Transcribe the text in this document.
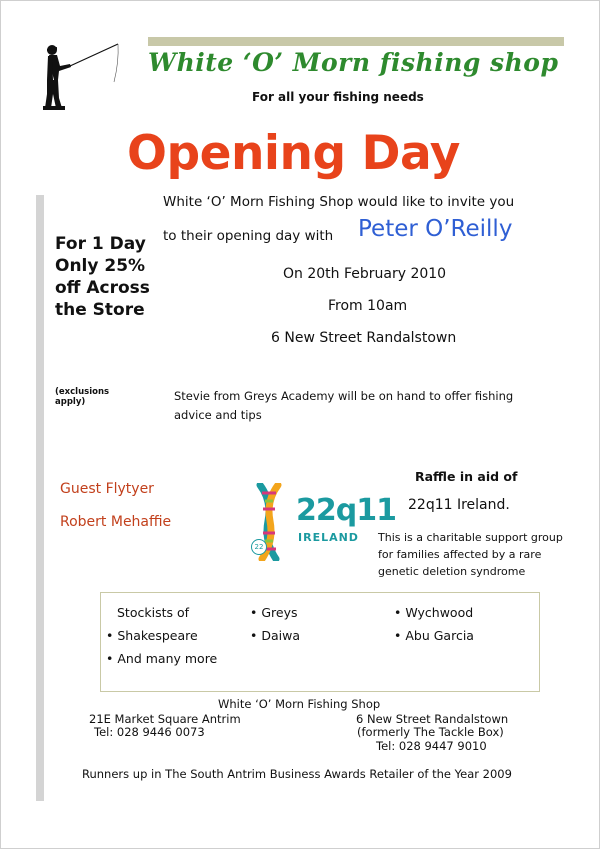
White ‘O’ Morn fishing shop
For all your fishing needs
Opening Day
White ‘O’ Morn Fishing Shop would like to invite you
to their opening day with Peter O’Reilly
On 20th February 2010
From 10am
6 New Street Randalstown
For 1 Day Only 25% off Across the Store
(exclusions apply)	Stevie from Greys Academy will be on hand to offer fishing advice and tips
Guest Flytyer
Robert Mehaffie
22
22q11
IRELAND
Raffle in aid of
22q11 Ireland.
This is a charitable support group for families affected by a rare genetic deletion syndrome
Stockists of
• Shakespeare
• And many more
• Greys
• Daiwa
• Wychwood
• Abu Garcia
White ‘O’ Morn Fishing Shop
21E Market Square Antrim
Tel: 028 9446 0073
6 New Street Randalstown
(formerly The Tackle Box)
Tel: 028 9447 9010
Runners up in The South Antrim Business Awards Retailer of the Year 2009
